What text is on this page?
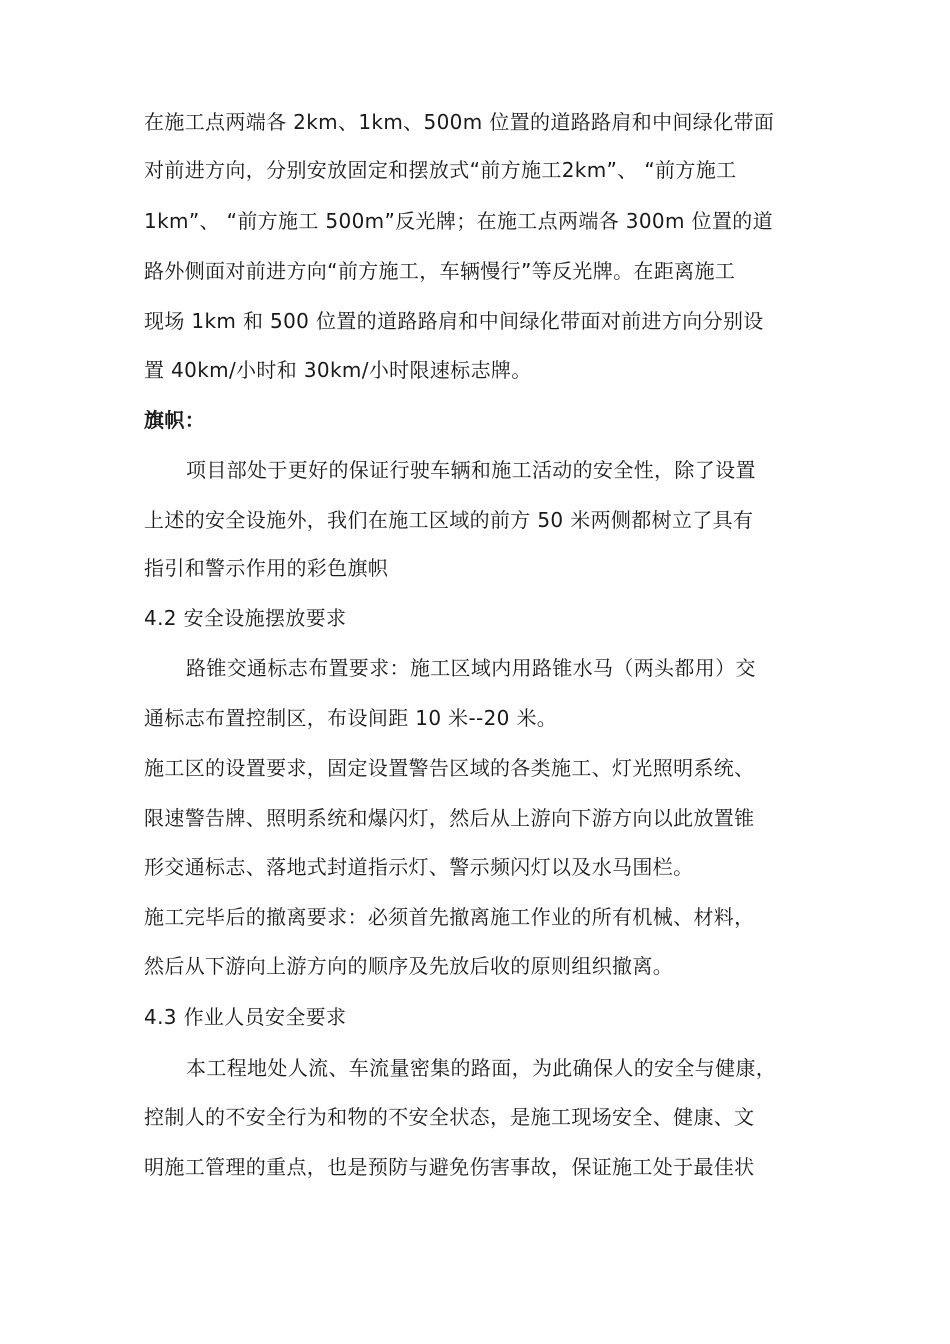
在施工点两端各 2km、1km、500m 位置的道路路肩和中间绿化带面
对前进方向，分别安放固定和摆放式“前方施工2km”、 “前方施工
1km”、 “前方施工 500m”反光牌；在施工点两端各 300m 位置的道
路外侧面对前进方向“前方施工，车辆慢行”等反光牌。在距离施工
现场 1km 和 500 位置的道路路肩和中间绿化带面对前进方向分别设
置 40km/小时和 30km/小时限速标志牌。
旗帜：
项目部处于更好的保证行驶车辆和施工活动的安全性，除了设置
上述的安全设施外，我们在施工区域的前方 50 米两侧都树立了具有
指引和警示作用的彩色旗帜
4.2 安全设施摆放要求
路锥交通标志布置要求：施工区域内用路锥水马（两头都用）交
通标志布置控制区，布设间距 10 米--20 米。
施工区的设置要求，固定设置警告区域的各类施工、灯光照明系统、
限速警告牌、照明系统和爆闪灯，然后从上游向下游方向以此放置锥
形交通标志、落地式封道指示灯、警示频闪灯以及水马围栏。
施工完毕后的撤离要求：必须首先撤离施工作业的所有机械、材料，
然后从下游向上游方向的顺序及先放后收的原则组织撤离。
4.3 作业人员安全要求
本工程地处人流、车流量密集的路面，为此确保人的安全与健康，
控制人的不安全行为和物的不安全状态，是施工现场安全、健康、文
明施工管理的重点，也是预防与避免伤害事故，保证施工处于最佳状
